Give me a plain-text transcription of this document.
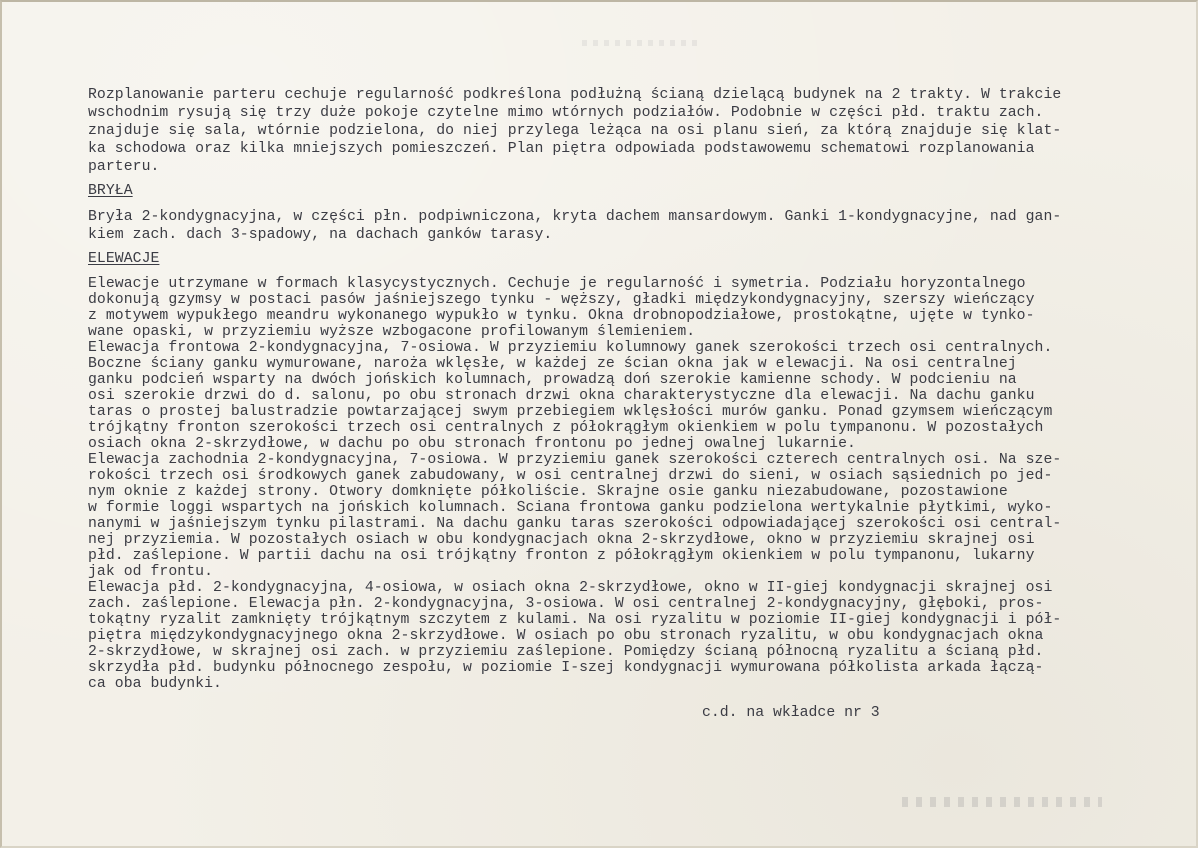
Rozplanowanie parteru cechuje regularność podkreślona podłużną ścianą dzielącą budynek na 2 trakty. W trakcie
wschodnim rysują się trzy duże pokoje czytelne mimo wtórnych podziałów. Podobnie w części płd. traktu zach.
znajduje się sala, wtórnie podzielona, do niej przylega leżąca na osi planu sień, za którą znajduje się klat-
ka schodowa oraz kilka mniejszych pomieszczeń. Plan piętra odpowiada podstawowemu schematowi rozplanowania
parteru.
BRYŁA
Bryła 2-kondygnacyjna, w części płn. podpiwniczona, kryta dachem mansardowym. Ganki 1-kondygnacyjne, nad gan-
kiem zach. dach 3-spadowy, na dachach ganków tarasy.
ELEWACJE
Elewacje utrzymane w formach klasycystycznych. Cechuje je regularność i symetria. Podziału horyzontalnego
dokonują gzymsy w postaci pasów jaśniejszego tynku - węższy, gładki międzykondygnacyjny, szerszy wieńczący
z motywem wypukłego meandru wykonanego wypukło w tynku. Okna drobnopodziałowe, prostokątne, ujęte w tynko-
wane opaski, w przyziemiu wyższe wzbogacone profilowanym ślemieniem.
Elewacja frontowa 2-kondygnacyjna, 7-osiowa. W przyziemiu kolumnowy ganek szerokości trzech osi centralnych.
Boczne ściany ganku wymurowane, naroża wklęsłe, w każdej ze ścian okna jak w elewacji. Na osi centralnej
ganku podcień wsparty na dwóch jońskich kolumnach, prowadzą doń szerokie kamienne schody. W podcieniu na
osi szerokie drzwi do d. salonu, po obu stronach drzwi okna charakterystyczne dla elewacji. Na dachu ganku
taras o prostej balustradzie powtarzającej swym przebiegiem wklęsłości murów ganku. Ponad gzymsem wieńczącym
trójkątny fronton szerokości trzech osi centralnych z półokrągłym okienkiem w polu tympanonu. W pozostałych
osiach okna 2-skrzydłowe, w dachu po obu stronach frontonu po jednej owalnej lukarnie.
Elewacja zachodnia 2-kondygnacyjna, 7-osiowa. W przyziemiu ganek szerokości czterech centralnych osi. Na sze-
rokości trzech osi środkowych ganek zabudowany, w osi centralnej drzwi do sieni, w osiach sąsiednich po jed-
nym oknie z każdej strony. Otwory domknięte półkoliście. Skrajne osie ganku niezabudowane, pozostawione
w formie loggi wspartych na jońskich kolumnach. Ściana frontowa ganku podzielona wertykalnie płytkimi, wyko-
nanymi w jaśniejszym tynku pilastrami. Na dachu ganku taras szerokości odpowiadającej szerokości osi central-
nej przyziemia. W pozostałych osiach w obu kondygnacjach okna 2-skrzydłowe, okno w przyziemiu skrajnej osi
płd. zaślepione. W partii dachu na osi trójkątny fronton z półokrągłym okienkiem w polu tympanonu, lukarny
jak od frontu.
Elewacja płd. 2-kondygnacyjna, 4-osiowa, w osiach okna 2-skrzydłowe, okno w II-giej kondygnacji skrajnej osi
zach. zaślepione. Elewacja płn. 2-kondygnacyjna, 3-osiowa. W osi centralnej 2-kondygnacyjny, głęboki, pros-
tokątny ryzalit zamknięty trójkątnym szczytem z kulami. Na osi ryzalitu w poziomie II-giej kondygnacji i pół-
piętra międzykondygnacyjnego okna 2-skrzydłowe. W osiach po obu stronach ryzalitu, w obu kondygnacjach okna
2-skrzydłowe, w skrajnej osi zach. w przyziemiu zaślepione. Pomiędzy ścianą północną ryzalitu a ścianą płd.
skrzydła płd. budynku północnego zespołu, w poziomie I-szej kondygnacji wymurowana półkolista arkada łączą-
ca oba budynki.
c.d. na wkładce nr 3
